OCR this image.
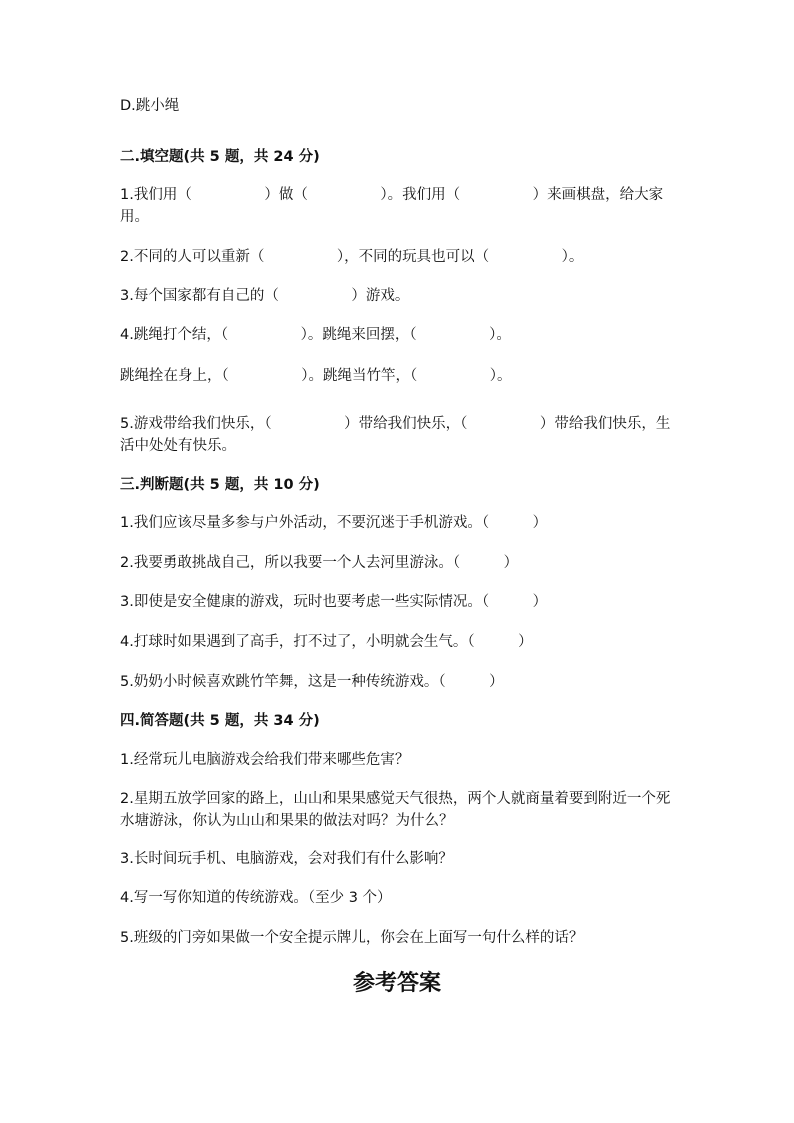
D.跳小绳
二.填空题(共 5 题，共 24 分)
1.我们用（　　　　　）做（　　　　　）。我们用（　　　　　）来画棋盘，给大家用。
2.不同的人可以重新（　　　　　），不同的玩具也可以（　　　　　）。
3.每个国家都有自己的（　　　　　）游戏。
4.跳绳打个结，（　　　　　）。跳绳来回摆，（　　　　　）。
跳绳拴在身上，（　　　　　）。跳绳当竹竿，（　　　　　）。
5.游戏带给我们快乐，（　　　　　）带给我们快乐，（　　　　　）带给我们快乐，生活中处处有快乐。
三.判断题(共 5 题，共 10 分)
1.我们应该尽量多参与户外活动，不要沉迷于手机游戏。（　　　）
2.我要勇敢挑战自己，所以我要一个人去河里游泳。（　　　）
3.即使是安全健康的游戏，玩时也要考虑一些实际情况。（　　　）
4.打球时如果遇到了高手，打不过了，小明就会生气。（　　　）
5.奶奶小时候喜欢跳竹竿舞，这是一种传统游戏。（　　　）
四.简答题(共 5 题，共 34 分)
1.经常玩儿电脑游戏会给我们带来哪些危害？
2.星期五放学回家的路上，山山和果果感觉天气很热，两个人就商量着要到附近一个死水塘游泳，你认为山山和果果的做法对吗？为什么？
3.长时间玩手机、电脑游戏，会对我们有什么影响？
4.写一写你知道的传统游戏。（至少 3 个）
5.班级的门旁如果做一个安全提示牌儿，你会在上面写一句什么样的话？
参考答案
